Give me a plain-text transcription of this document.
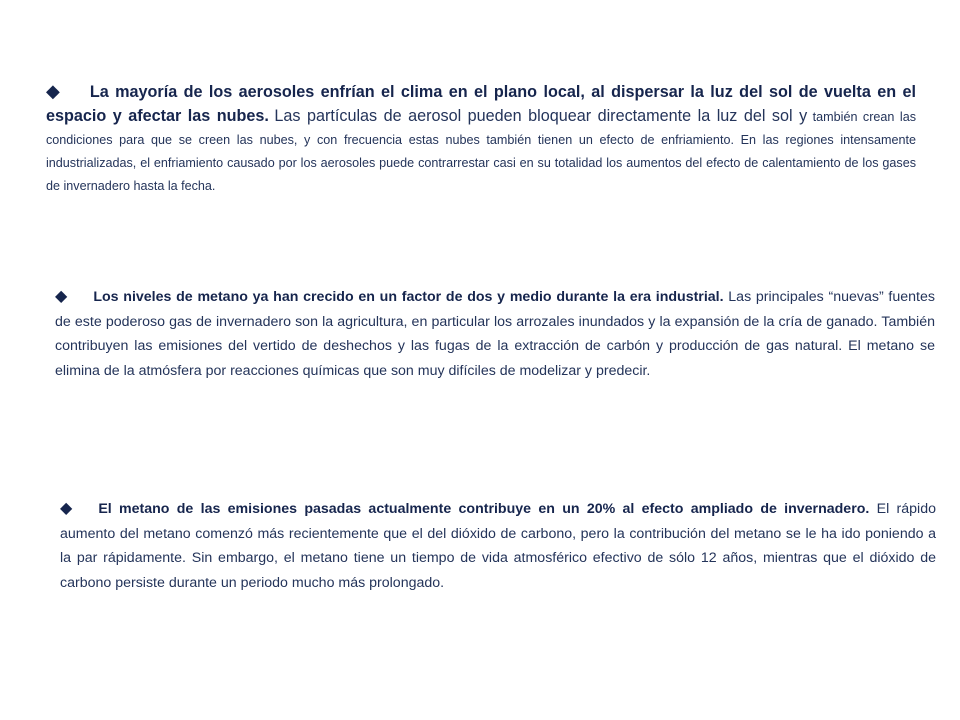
◆ La mayoría de los aerosoles enfrían el clima en el plano local, al dispersar la luz del sol de vuelta en el espacio y afectar las nubes. Las partículas de aerosol pueden bloquear directamente la luz del sol y también crean las condiciones para que se creen las nubes, y con frecuencia estas nubes también tienen un efecto de enfriamiento. En las regiones intensamente industrializadas, el enfriamiento causado por los aerosoles puede contrarrestar casi en su totalidad los aumentos del efecto de calentamiento de los gases de invernadero hasta la fecha.
◆ Los niveles de metano ya han crecido en un factor de dos y medio durante la era industrial. Las principales “nuevas” fuentes de este poderoso gas de invernadero son la agricultura, en particular los arrozales inundados y la expansión de la cría de ganado. También contribuyen las emisiones del vertido de deshechos y las fugas de la extracción de carbón y producción de gas natural. El metano se elimina de la atmósfera por reacciones químicas que son muy difíciles de modelizar y predecir.
◆ El metano de las emisiones pasadas actualmente contribuye en un 20% al efecto ampliado de invernadero. El rápido aumento del metano comenzó más recientemente que el del dióxido de carbono, pero la contribución del metano se le ha ido poniendo a la par rápidamente. Sin embargo, el metano tiene un tiempo de vida atmosférico efectivo de sólo 12 años, mientras que el dióxido de carbono persiste durante un periodo mucho más prolongado.
